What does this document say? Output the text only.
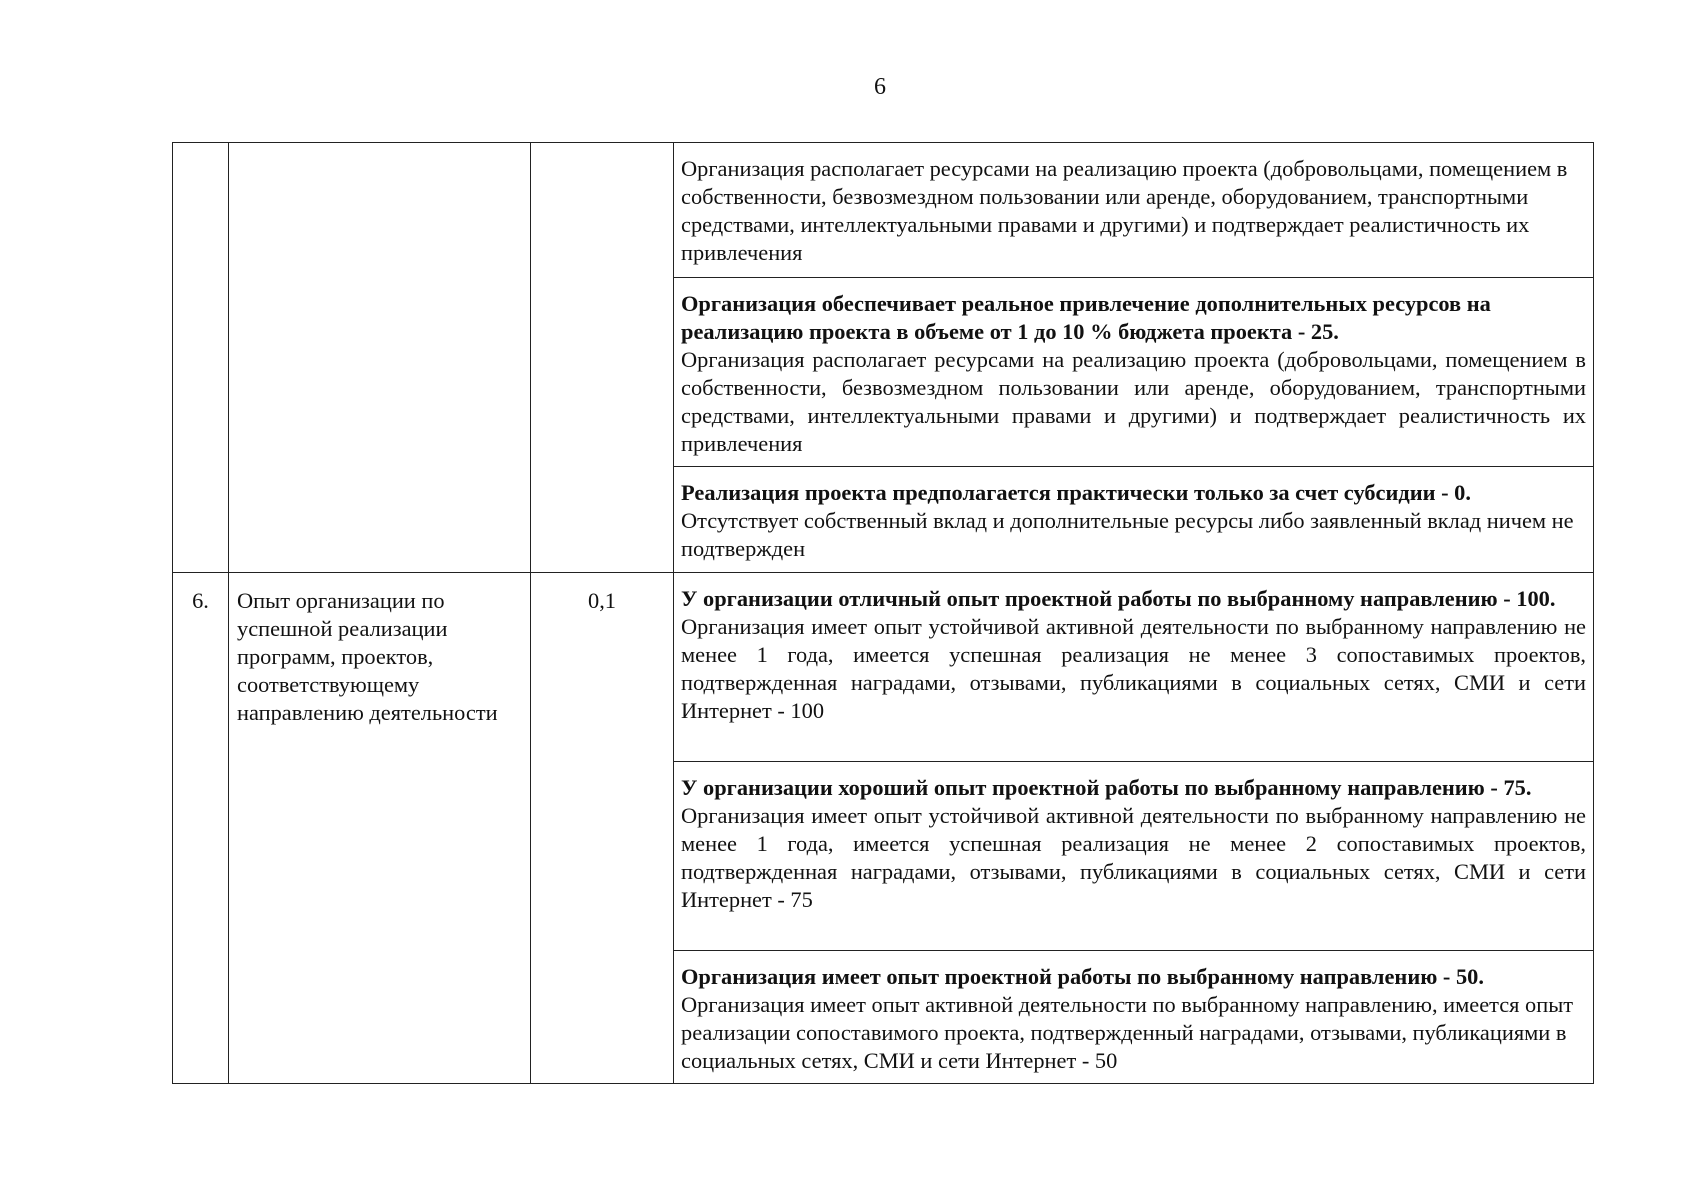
6

			Организация располагает ресурсами на реализацию проекта (добровольцами, помещением в собственности, безвозмездном пользовании или аренде, оборудованием, транспортными средствами, интеллектуальными правами и другими) и подтверждает реалистичность их привлечения

			Организация обеспечивает реальное привлечение дополнительных ресурсов на реализацию проекта в объеме от 1 до 10 % бюджета проекта - 25.
Организация располагает ресурсами на реализацию проекта (добровольцами, помещением в собственности, безвозмездном пользовании или аренде, оборудованием, транспортными средствами, интеллектуальными правами и другими) и подтверждает реалистичность их привлечения

			Реализация проекта предполагается практически только за счет субсидии - 0.
Отсутствует собственный вклад и дополнительные ресурсы либо заявленный вклад ничем не подтвержден

6.	Опыт организации по успешной реализации программ, проектов, соответствующему направлению деятельности	0,1	У организации отличный опыт проектной работы по выбранному направлению - 100.
Организация имеет опыт устойчивой активной деятельности по выбранному направлению не менее 1 года, имеется успешная реализация не менее 3 сопоставимых проектов, подтвержденная наградами, отзывами, публикациями в социальных сетях, СМИ и сети Интернет - 100

			У организации хороший опыт проектной работы по выбранному направлению - 75.
Организация имеет опыт устойчивой активной деятельности по выбранному направлению не менее 1 года, имеется успешная реализация не менее 2 сопоставимых проектов, подтвержденная наградами, отзывами, публикациями в социальных сетях, СМИ и сети Интернет - 75

			Организация имеет опыт проектной работы по выбранному направлению - 50.
Организация имеет опыт активной деятельности по выбранному направлению, имеется опыт реализации сопоставимого проекта, подтвержденный наградами, отзывами, публикациями в социальных сетях, СМИ и сети Интернет - 50
